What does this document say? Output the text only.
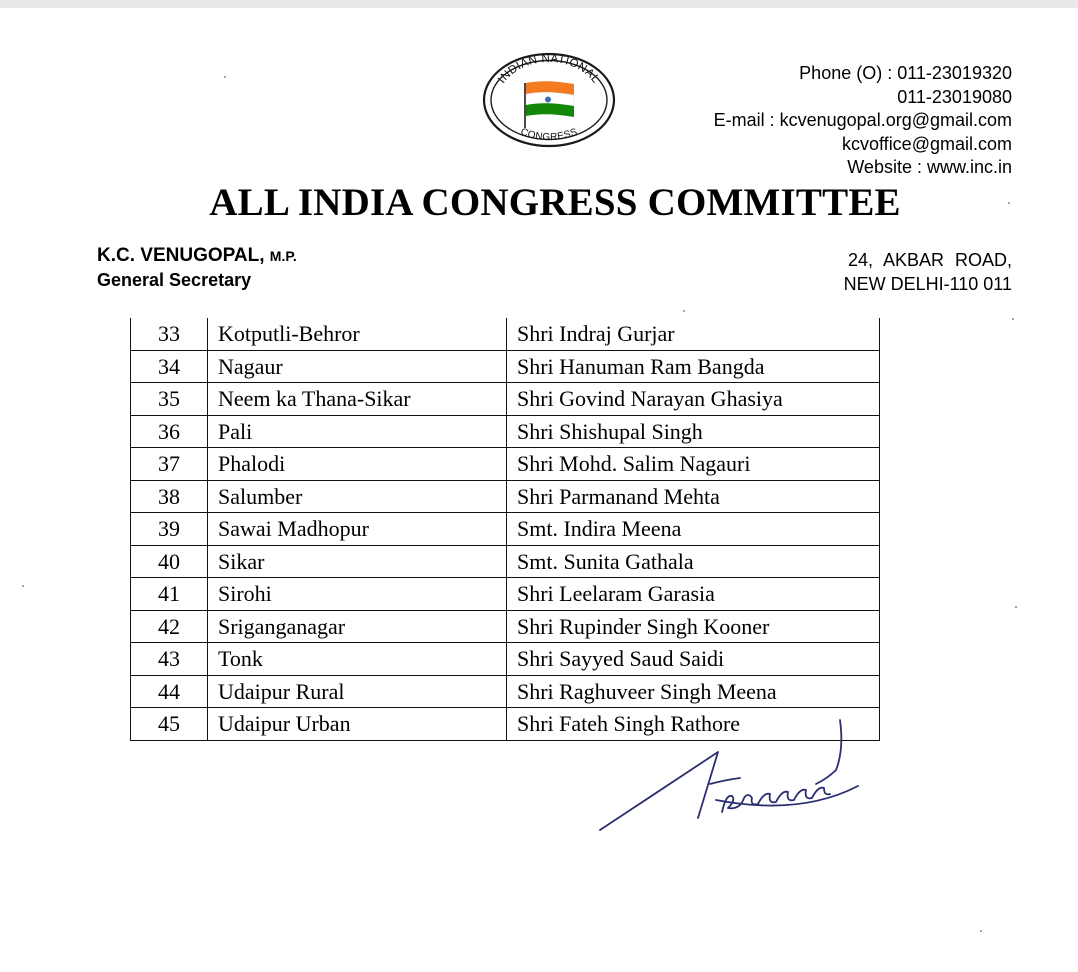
INDIAN NATIONAL
CONGRESS
Phone (O) : 011-23019320
011-23019080
E-mail : kcvenugopal.org@gmail.com
kcvoffice@gmail.com
Website : www.inc.in
ALL INDIA CONGRESS COMMITTEE
K.C. VENUGOPAL, M.P.
General Secretary
24, AKBAR ROAD,
NEW DELHI-110 011
33	Kotputli-Behror	Shri Indraj Gurjar
34	Nagaur	Shri Hanuman Ram Bangda
35	Neem ka Thana-Sikar	Shri Govind Narayan Ghasiya
36	Pali	Shri Shishupal Singh
37	Phalodi	Shri Mohd. Salim Nagauri
38	Salumber	Shri Parmanand Mehta
39	Sawai Madhopur	Smt. Indira Meena
40	Sikar	Smt. Sunita Gathala
41	Sirohi	Shri Leelaram Garasia
42	Sriganganagar	Shri Rupinder Singh Kooner
43	Tonk	Shri Sayyed Saud Saidi
44	Udaipur Rural	Shri Raghuveer Singh Meena
45	Udaipur Urban	Shri Fateh Singh Rathore
